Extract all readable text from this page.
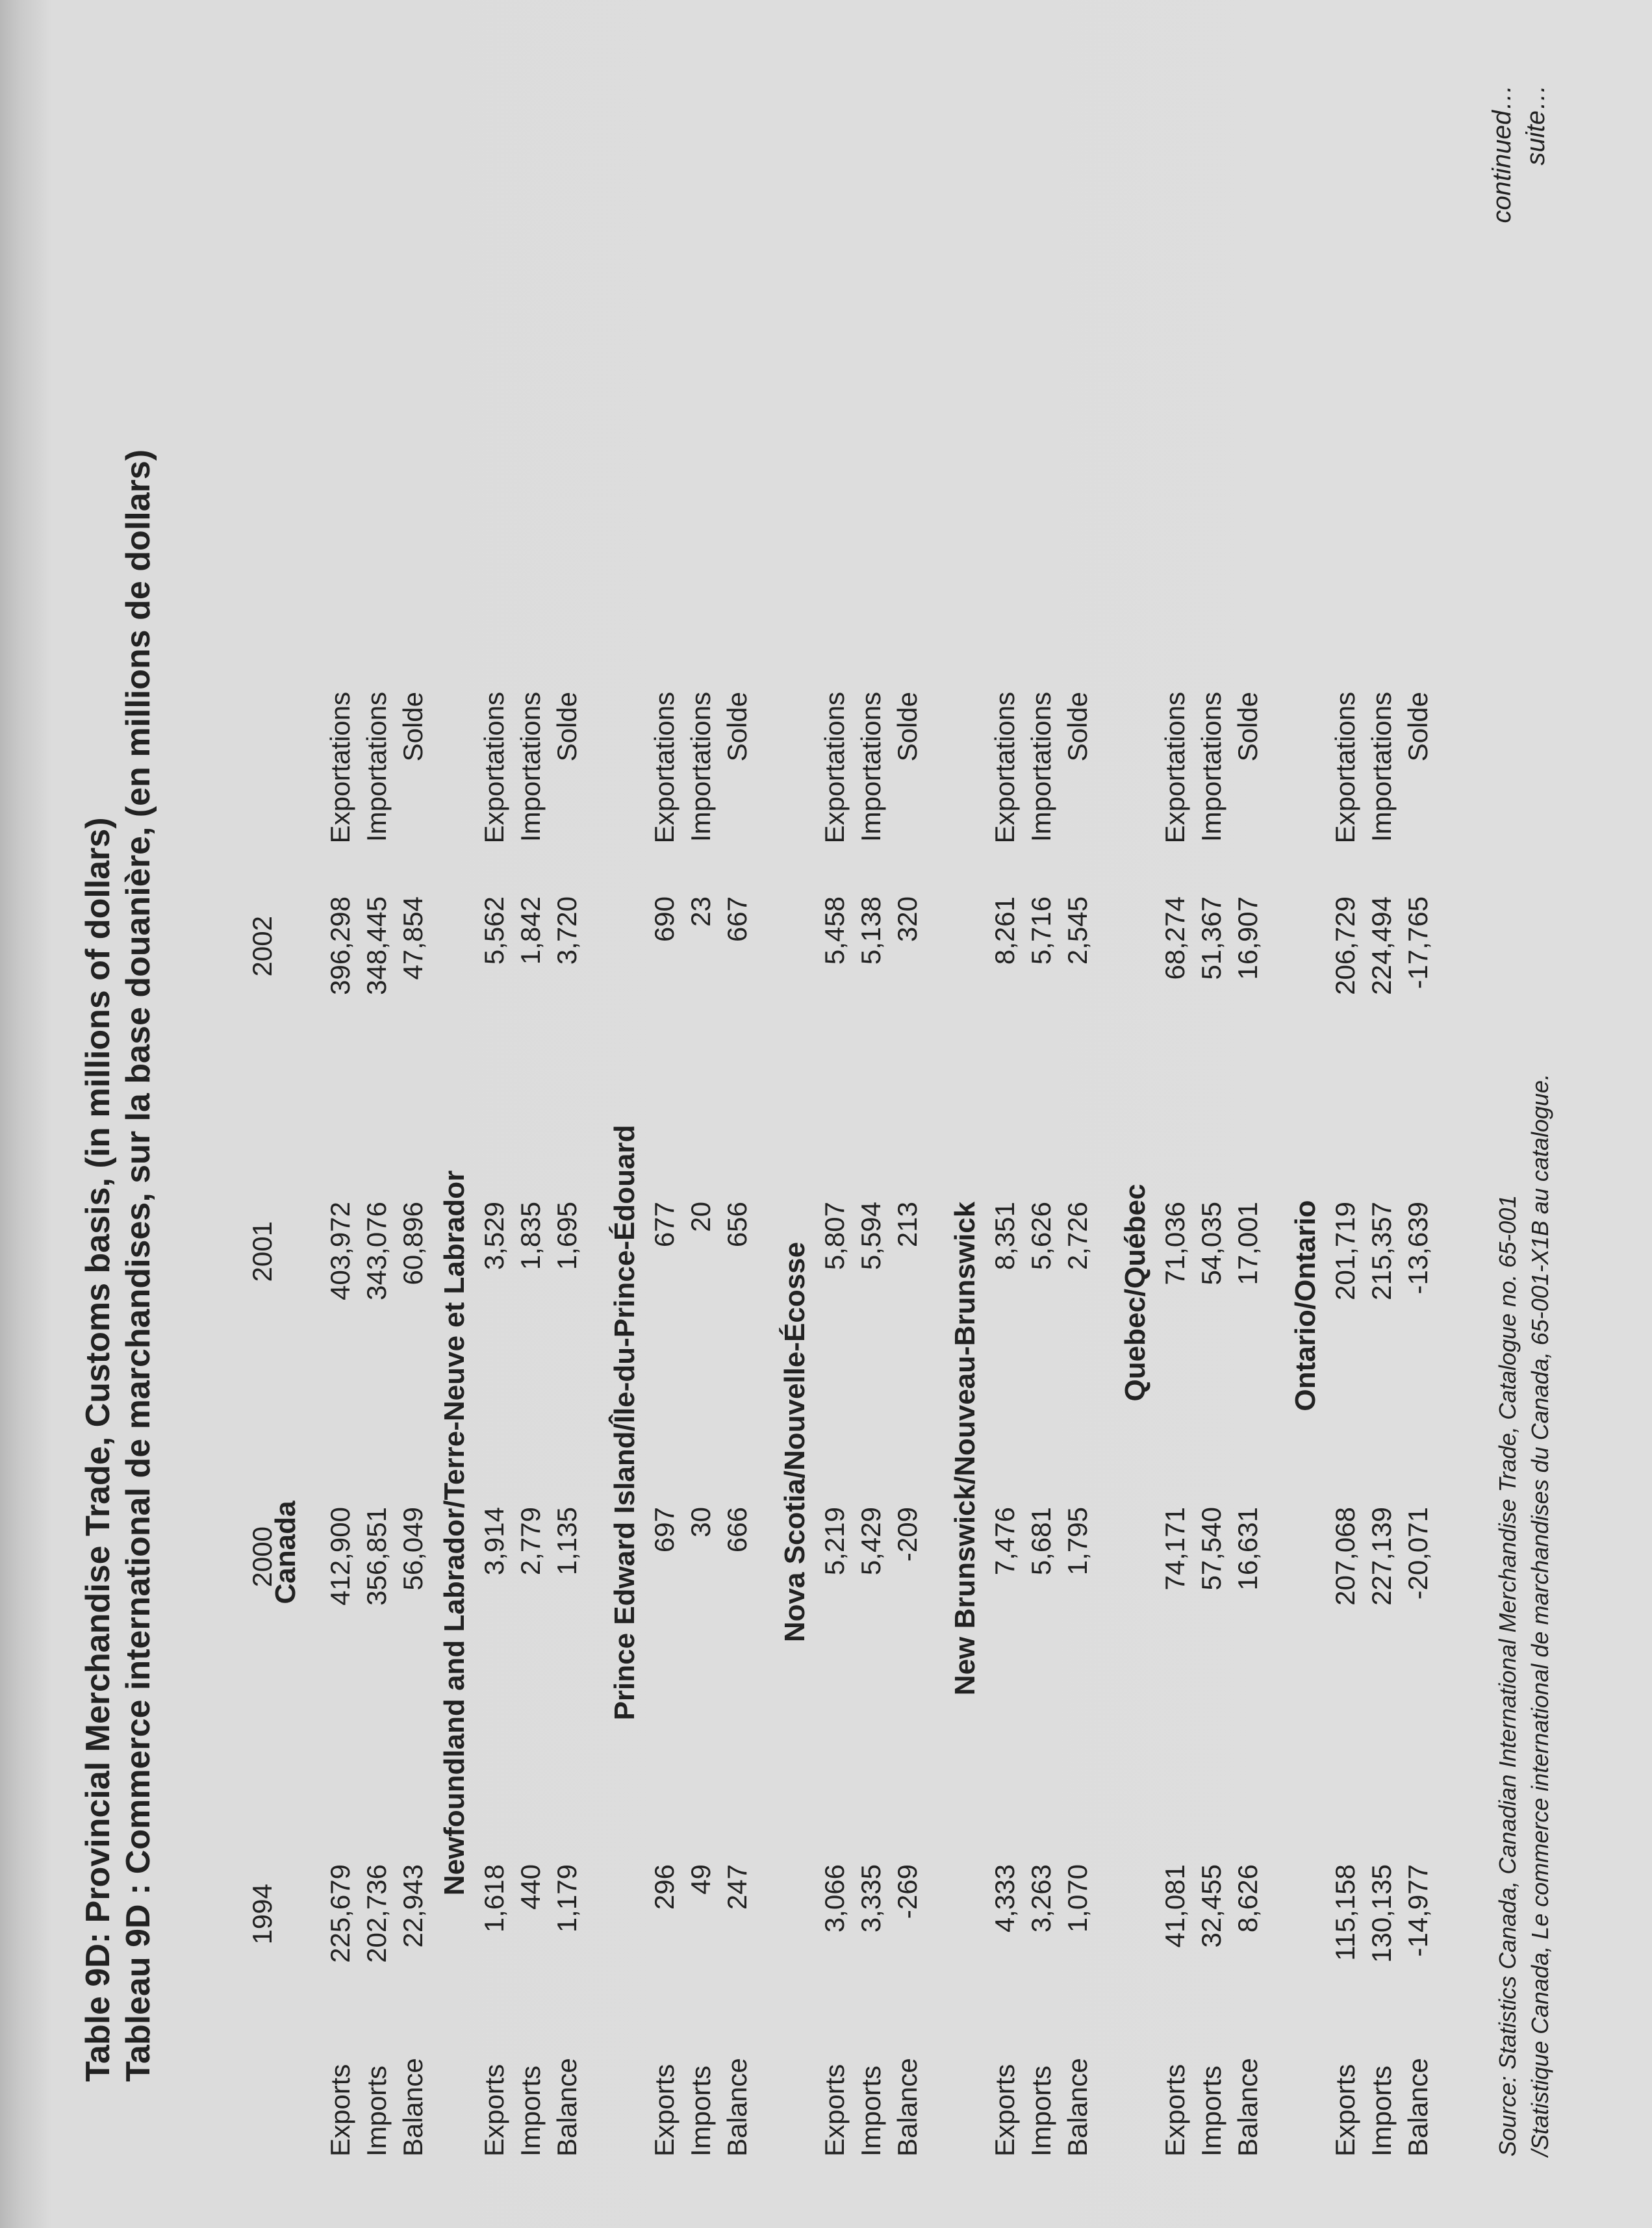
Table 9D: Provincial Merchandise Trade, Customs basis, (in millions of dollars) Tableau 9D : Commerce international de marchandises, sur la base douanière, (en millions de dollars)	1994
2000
2001
2002
Canada
Exports
225,679
412,900
403,972
396,298
Exportations
Imports
202,736
356,851
343,076
348,445
Importations
Balance
22,943
56,049
60,896
47,854
Solde
Newfoundland and Labrador/Terre-Neuve et Labrador
Exports
1,618
3,914
3,529
5,562
Exportations
Imports
440
2,779
1,835
1,842
Importations
Balance
1,179
1,135
1,695
3,720
Solde
Prince Edward Island/Île-du-Prince-Édouard
Exports
296
697
677
690
Exportations
Imports
49
30
20
23
Importations
Balance
247
666
656
667
Solde
Nova Scotia/Nouvelle-Écosse
Exports
3,066
5,219
5,807
5,458
Exportations
Imports
3,335
5,429
5,594
5,138
Importations
Balance
-269
-209
213
320
Solde
New Brunswick/Nouveau-Brunswick
Exports
4,333
7,476
8,351
8,261
Exportations
Imports
3,263
5,681
5,626
5,716
Importations
Balance
1,070
1,795
2,726
2,545
Solde
Quebec/Québec
Exports
41,081
74,171
71,036
68,274
Exportations
Imports
32,455
57,540
54,035
51,367
Importations
Balance
8,626
16,631
17,001
16,907
Solde
Ontario/Ontario
Exports
115,158
207,068
201,719
206,729
Exportations
Imports
130,135
227,139
215,357
224,494
Importations
Balance
-14,977
-20,071
-13,639
-17,765
Solde
Source: Statistics Canada, Canadian International Merchandise Trade, Catalogue no. 65-001 /Statistique Canada, Le commerce international de marchandises du Canada, 65-001-X1B au catalogue.
continued… suite…
